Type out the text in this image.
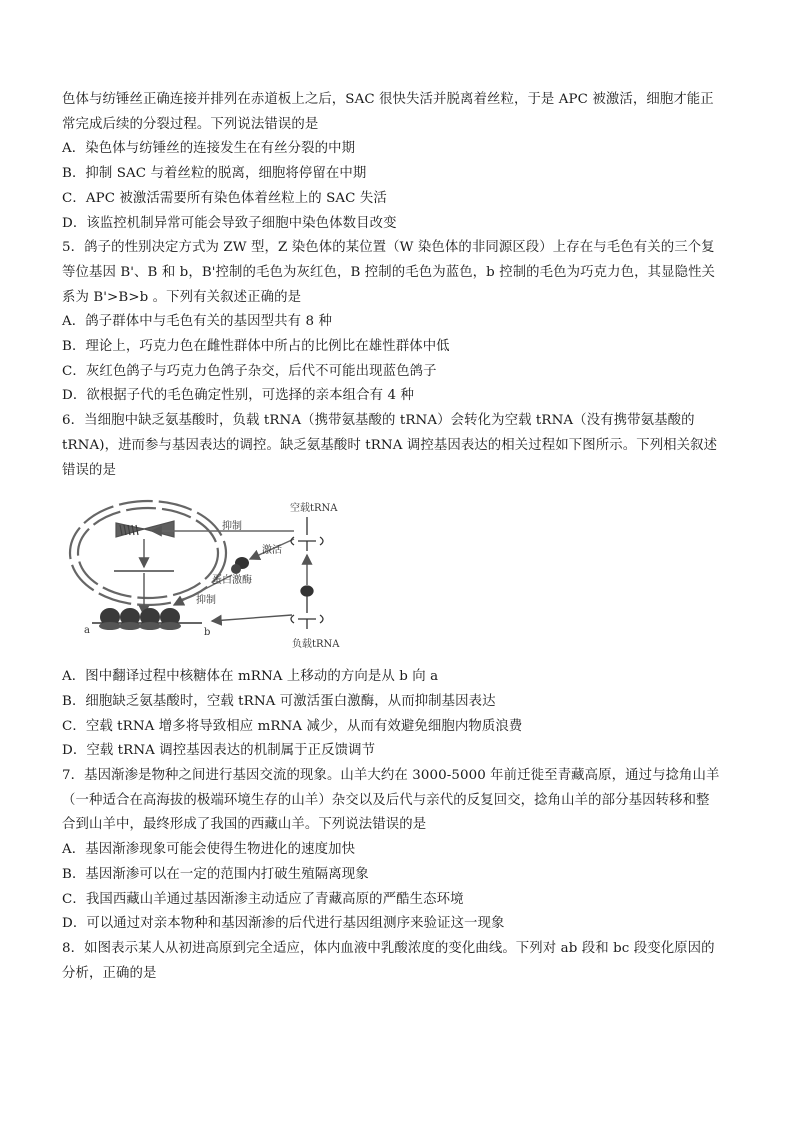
色体与纺锤丝正确连接并排列在赤道板上之后，SAC 很快失活并脱离着丝粒，于是 APC 被激活，细胞才能正
常完成后续的分裂过程。下列说法错误的是
A．染色体与纺锤丝的连接发生在有丝分裂的中期
B．抑制 SAC 与着丝粒的脱离，细胞将停留在中期
C．APC 被激活需要所有染色体着丝粒上的 SAC 失活
D．该监控机制异常可能会导致子细胞中染色体数目改变
5．鸽子的性别决定方式为 ZW 型，Z 染色体的某位置（W 染色体的非同源区段）上存在与毛色有关的三个复
等位基因 B'、B 和 b，B'控制的毛色为灰红色，B 控制的毛色为蓝色，b 控制的毛色为巧克力色，其显隐性关
系为 B'>B>b 。下列有关叙述正确的是
A．鸽子群体中与毛色有关的基因型共有 8 种
B．理论上，巧克力色在雌性群体中所占的比例比在雄性群体中低
C．灰红色鸽子与巧克力色鸽子杂交，后代不可能出现蓝色鸽子
D．欲根据子代的毛色确定性别，可选择的亲本组合有 4 种
6．当细胞中缺乏氨基酸时，负载 tRNA（携带氨基酸的 tRNA）会转化为空载 tRNA（没有携带氨基酸的
tRNA)，进而参与基因表达的调控。缺乏氨基酸时 tRNA 调控基因表达的相关过程如下图所示。下列相关叙述
错误的是
空载tRNA
抑制
激活
蛋白激酶
抑制
负载tRNA
a	b
A．图中翻译过程中核糖体在 mRNA 上移动的方向是从 b 向 a
B．细胞缺乏氨基酸时，空载 tRNA 可激活蛋白激酶，从而抑制基因表达
C．空载 tRNA 增多将导致相应 mRNA 减少，从而有效避免细胞内物质浪费
D．空载 tRNA 调控基因表达的机制属于正反馈调节
7．基因渐渗是物种之间进行基因交流的现象。山羊大约在 3000-5000 年前迁徙至青藏高原，通过与捻角山羊
（一种适合在高海拔的极端环境生存的山羊）杂交以及后代与亲代的反复回交，捻角山羊的部分基因转移和整
合到山羊中，最终形成了我国的西藏山羊。下列说法错误的是
A．基因渐渗现象可能会使得生物进化的速度加快
B．基因渐渗可以在一定的范围内打破生殖隔离现象
C．我国西藏山羊通过基因渐渗主动适应了青藏高原的严酷生态环境
D．可以通过对亲本物种和基因渐渗的后代进行基因组测序来验证这一现象
8．如图表示某人从初进高原到完全适应，体内血液中乳酸浓度的变化曲线。下列对 ab 段和 bc 段变化原因的
分析，正确的是
